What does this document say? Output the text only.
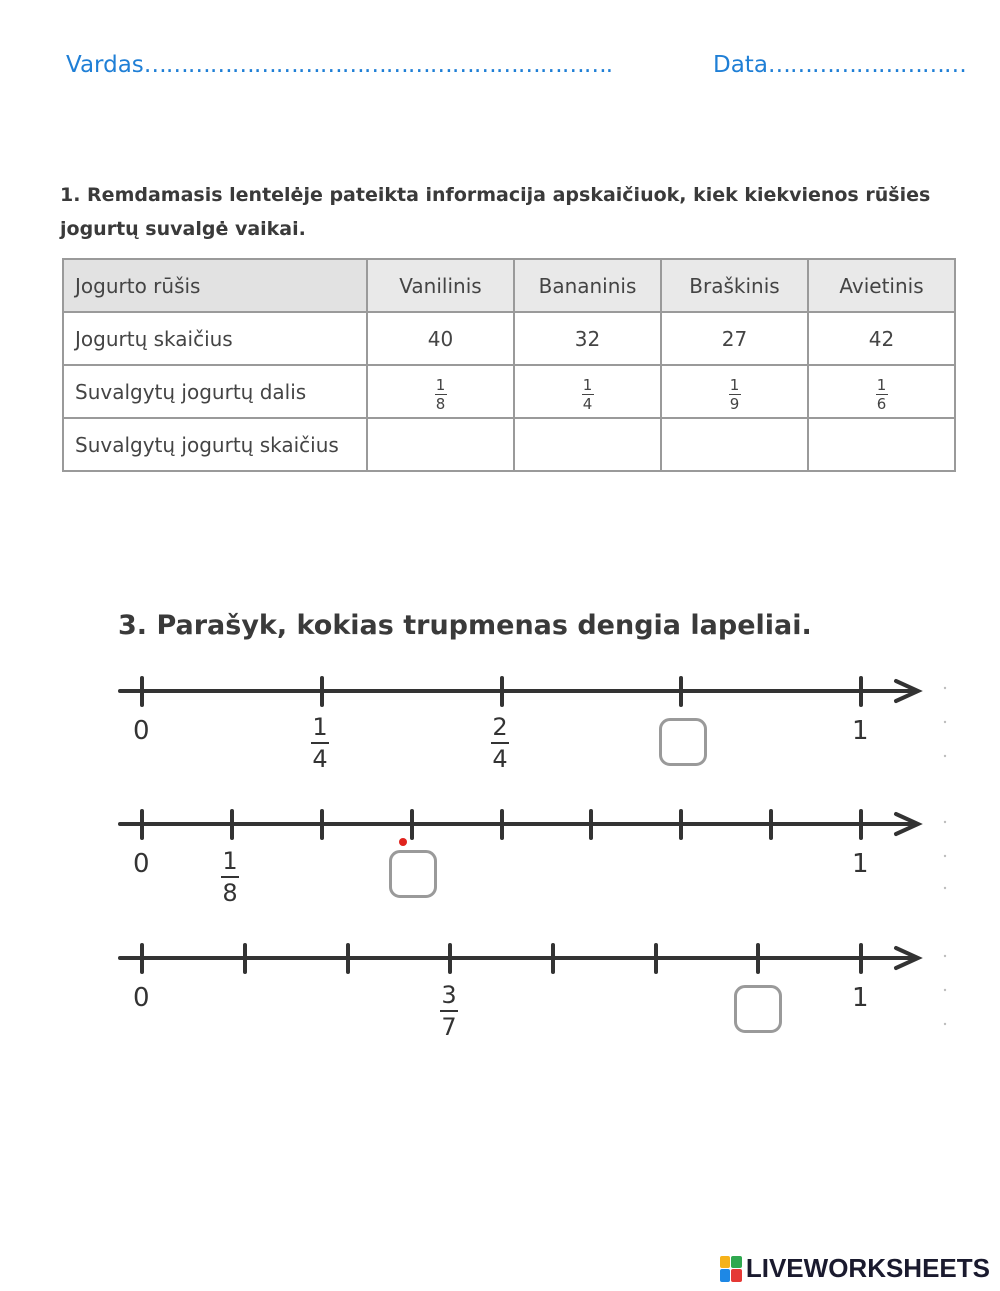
Vardas……………………………………………………….	Data………………………
1. Remdamasis lentelėje pateikta informacija apskaičiuok, kiek kiekvienos rūšies jogurtų suvalgė vaikai.
Jogurto rūšis	Vanilinis	Bananinis	Braškinis	Avietinis
Jogurtų skaičius	40	32	27	42
Suvalgytų jogurtų dalis	$\frac{1}{8}$	$\frac{1}{4}$	$\frac{1}{9}$	$\frac{1}{6}$

Suvalgytų jogurtų skaičius				
3. Parašyk, kokias trupmenas dengia lapeliai.
0	1
4
2
4
1
0	1
8
1
0	3
7
1
LIVEWORKSHEETS
